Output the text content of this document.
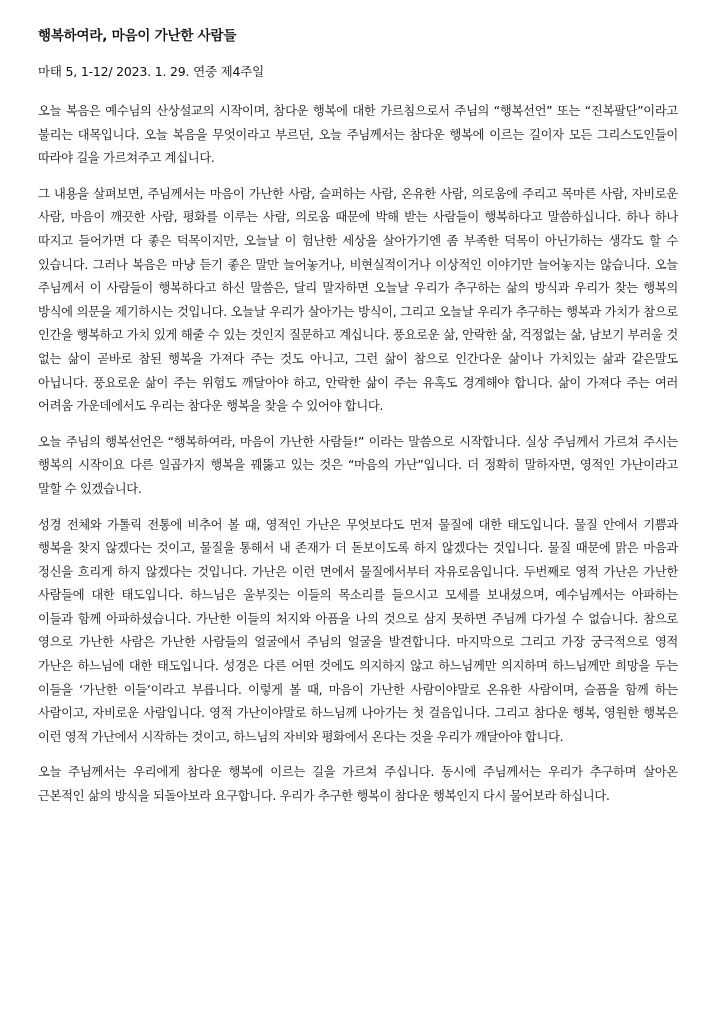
행복하여라, 마음이 가난한 사람들
마태 5, 1-12/ 2023. 1. 29. 연중 제4주일

오늘 복음은 예수님의 산상설교의 시작이며, 참다운 행복에 대한 가르침으로서 주님의 “행복선언” 또는 “진복팔단”이라고 불리는 대목입니다. 오늘 복음을 무엇이라고 부르던, 오늘 주님께서는 참다운 행복에 이르는 길이자 모든 그리스도인들이 따라야 길을 가르쳐주고 계십니다.

그 내용을 살펴보면, 주님께서는 마음이 가난한 사람, 슬퍼하는 사람, 온유한 사람, 의로움에 주리고 목마른 사람, 자비로운 사람, 마음이 깨끗한 사람, 평화를 이루는 사람, 의로움 때문에 박해 받는 사람들이 행복하다고 말씀하십니다. 하나 하나 따지고 들어가면 다 좋은 덕목이지만, 오늘날 이 험난한 세상을 살아가기엔 좀 부족한 덕목이 아닌가하는 생각도 할 수 있습니다. 그러나 복음은 마냥 듣기 좋은 말만 늘어놓거나, 비현실적이거나 이상적인 이야기만 늘어놓지는 않습니다. 오늘 주님께서 이 사람들이 행복하다고 하신 말씀은, 달리 말자하면 오늘날 우리가 추구하는 삶의 방식과 우리가 찾는 행복의 방식에 의문을 제기하시는 것입니다. 오늘날 우리가 살아가는 방식이, 그리고 오늘날 우리가 추구하는 행복과 가치가 참으로 인간을 행복하고 가치 있게 해줄 수 있는 것인지 질문하고 계십니다. 풍요로운 삶, 안락한 삶, 걱정없는 삶, 남보기 부러울 것 없는 삶이 곧바로 참된 행복을 가져다 주는 것도 아니고, 그런 삶이 참으로 인간다운 삶이나 가치있는 삶과 같은말도 아닙니다. 풍요로운 삶이 주는 위험도 깨달아야 하고, 안락한 삶이 주는 유혹도 경계해야 합니다. 삶이 가져다 주는 여러 어려움 가운데에서도 우리는 참다운 행복을 찾을 수 있어야 합니다.

오늘 주님의 행복선언은 “행복하여라, 마음이 가난한 사람들!” 이라는 말씀으로 시작합니다. 실상 주님께서 가르쳐 주시는 행복의 시작이요 다른 일곱가지 행복을 꿰뚫고 있는 것은 “마음의 가난”입니다. 더 정확히 말하자면, 영적인 가난이라고 말할 수 있겠습니다.

성경 전체와 가톨릭 전통에 비추어 볼 때, 영적인 가난은 무엇보다도 먼저 물질에 대한 태도입니다. 물질 안에서 기쁨과 행복을 찾지 않겠다는 것이고, 물질을 통해서 내 존재가 더 돋보이도록 하지 않겠다는 것입니다. 물질 때문에 맑은 마음과 정신을 흐리게 하지 않겠다는 것입니다. 가난은 이런 면에서 물질에서부터 자유로움입니다. 두번째로 영적 가난은 가난한 사람들에 대한 태도입니다. 하느님은 울부짖는 이들의 목소리를 들으시고 모세를 보내셨으며, 예수님께서는 아파하는 이들과 함께 아파하셨습니다. 가난한 이들의 처지와 아픔을 나의 것으로 삼지 못하면 주님께 다가설 수 없습니다. 참으로 영으로 가난한 사람은 가난한 사람들의 얼굴에서 주님의 얼굴을 발견합니다. 마지막으로 그리고 가장 궁극적으로 영적 가난은 하느님에 대한 태도입니다. 성경은 다른 어떤 것에도 의지하지 않고 하느님께만 의지하며 하느님께만 희망을 두는 이들을 ‘가난한 이들’이라고 부릅니다. 이렇게 볼 때, 마음이 가난한 사람이야말로 온유한 사람이며, 슬픔을 함께 하는 사람이고, 자비로운 사람입니다. 영적 가난이야말로 하느님께 나아가는 첫 걸음입니다. 그리고 참다운 행복, 영원한 행복은 이런 영적 가난에서 시작하는 것이고, 하느님의 자비와 평화에서 온다는 것을 우리가 깨달아야 합니다.

오늘 주님께서는 우리에게 참다운 행복에 이르는 길을 가르쳐 주십니다. 동시에 주님께서는 우리가 추구하며 살아온 근본적인 삶의 방식을 되돌아보라 요구합니다. 우리가 추구한 행복이 참다운 행복인지 다시 물어보라 하십니다.
